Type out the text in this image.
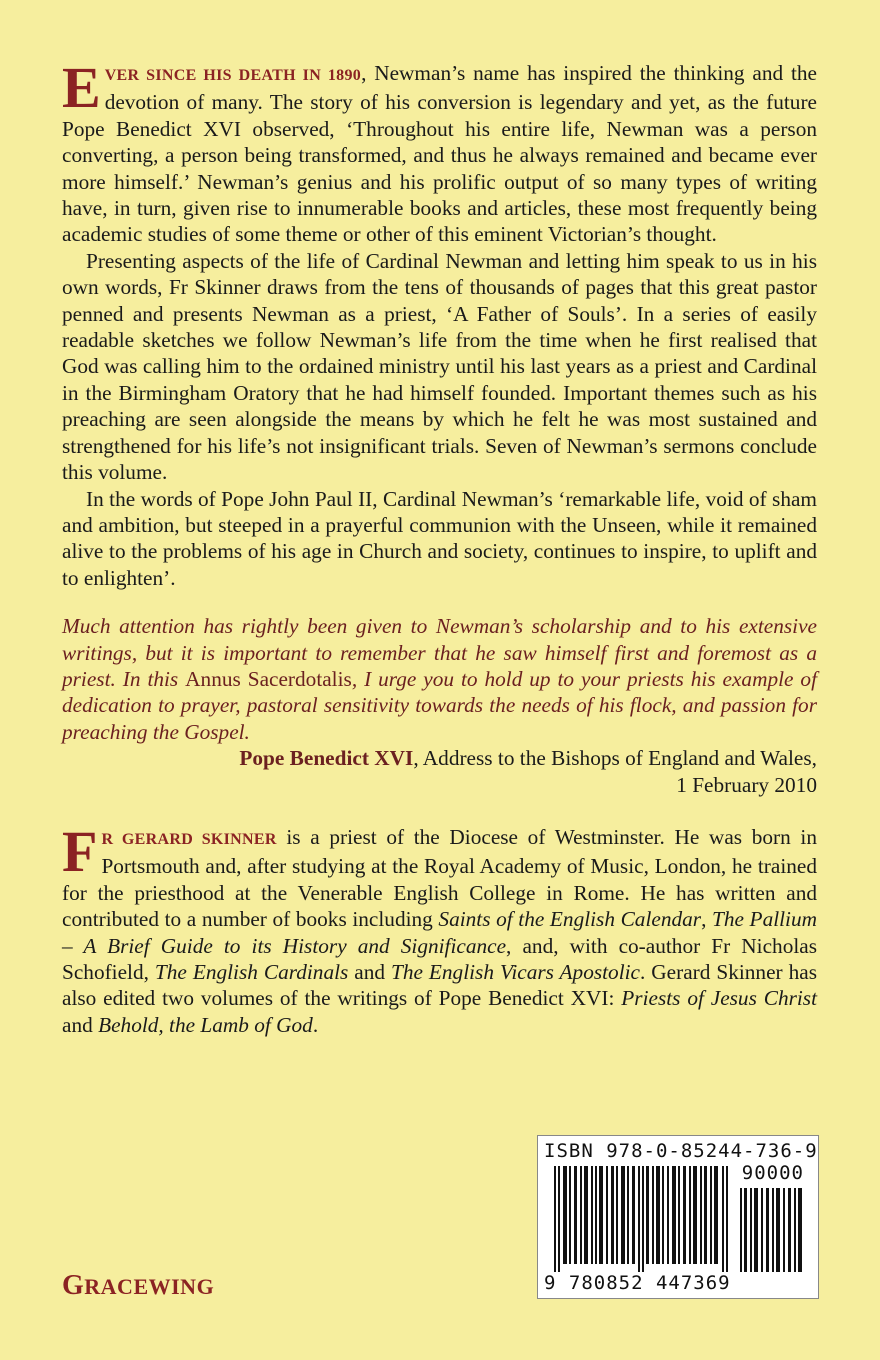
EVER SINCE HIS DEATH IN 1890, Newman’s name has inspired the thinking and the devotion of many. The story of his conversion is legendary and yet, as the future Pope Benedict XVI observed, ‘Throughout his entire life, Newman was a person converting, a person being transformed, and thus he always remained and became ever more himself.’ Newman’s genius and his prolific output of so many types of writing have, in turn, given rise to innumerable books and articles, these most frequently being academic studies of some theme or other of this eminent Victorian’s thought.

Presenting aspects of the life of Cardinal Newman and letting him speak to us in his own words, Fr Skinner draws from the tens of thousands of pages that this great pastor penned and presents Newman as a priest, ‘A Father of Souls’. In a series of easily readable sketches we follow Newman’s life from the time when he first realised that God was calling him to the ordained ministry until his last years as a priest and Cardinal in the Birmingham Oratory that he had himself founded. Important themes such as his preaching are seen alongside the means by which he felt he was most sustained and strengthened for his life’s not insignificant trials. Seven of Newman’s sermons conclude this volume.

In the words of Pope John Paul II, Cardinal Newman’s ‘remarkable life, void of sham and ambition, but steeped in a prayerful communion with the Unseen, while it remained alive to the problems of his age in Church and society, continues to inspire, to uplift and to enlighten’.

Much attention has rightly been given to Newman’s scholarship and to his extensive writings, but it is important to remember that he saw himself first and foremost as a priest. In this Annus Sacerdotalis, I urge you to hold up to your priests his example of dedication to prayer, pastoral sensitivity towards the needs of his flock, and passion for preaching the Gospel.

Pope Benedict XVI, Address to the Bishops of England and Wales,

1 February 2010

F R GERARD SKINNER is a priest of the Diocese of Westminster. He was born in Portsmouth and, after studying at the Royal Academy of Music, London, he trained for the priesthood at the Venerable English College in Rome. He has written and contributed to a number of books including Saints of the English Calendar, The Pallium – A Brief Guide to its History and Significance, and, with co-author Fr Nicholas Schofield, The English Cardinals and The English Vicars Apostolic. Gerard Skinner has also edited two volumes of the writings of Pope Benedict XVI: Priests of Jesus Christ and Behold, the Lamb of God.

ISBN 978-0-85244-736-9
90000
9 780852 447369
GRACEWING
